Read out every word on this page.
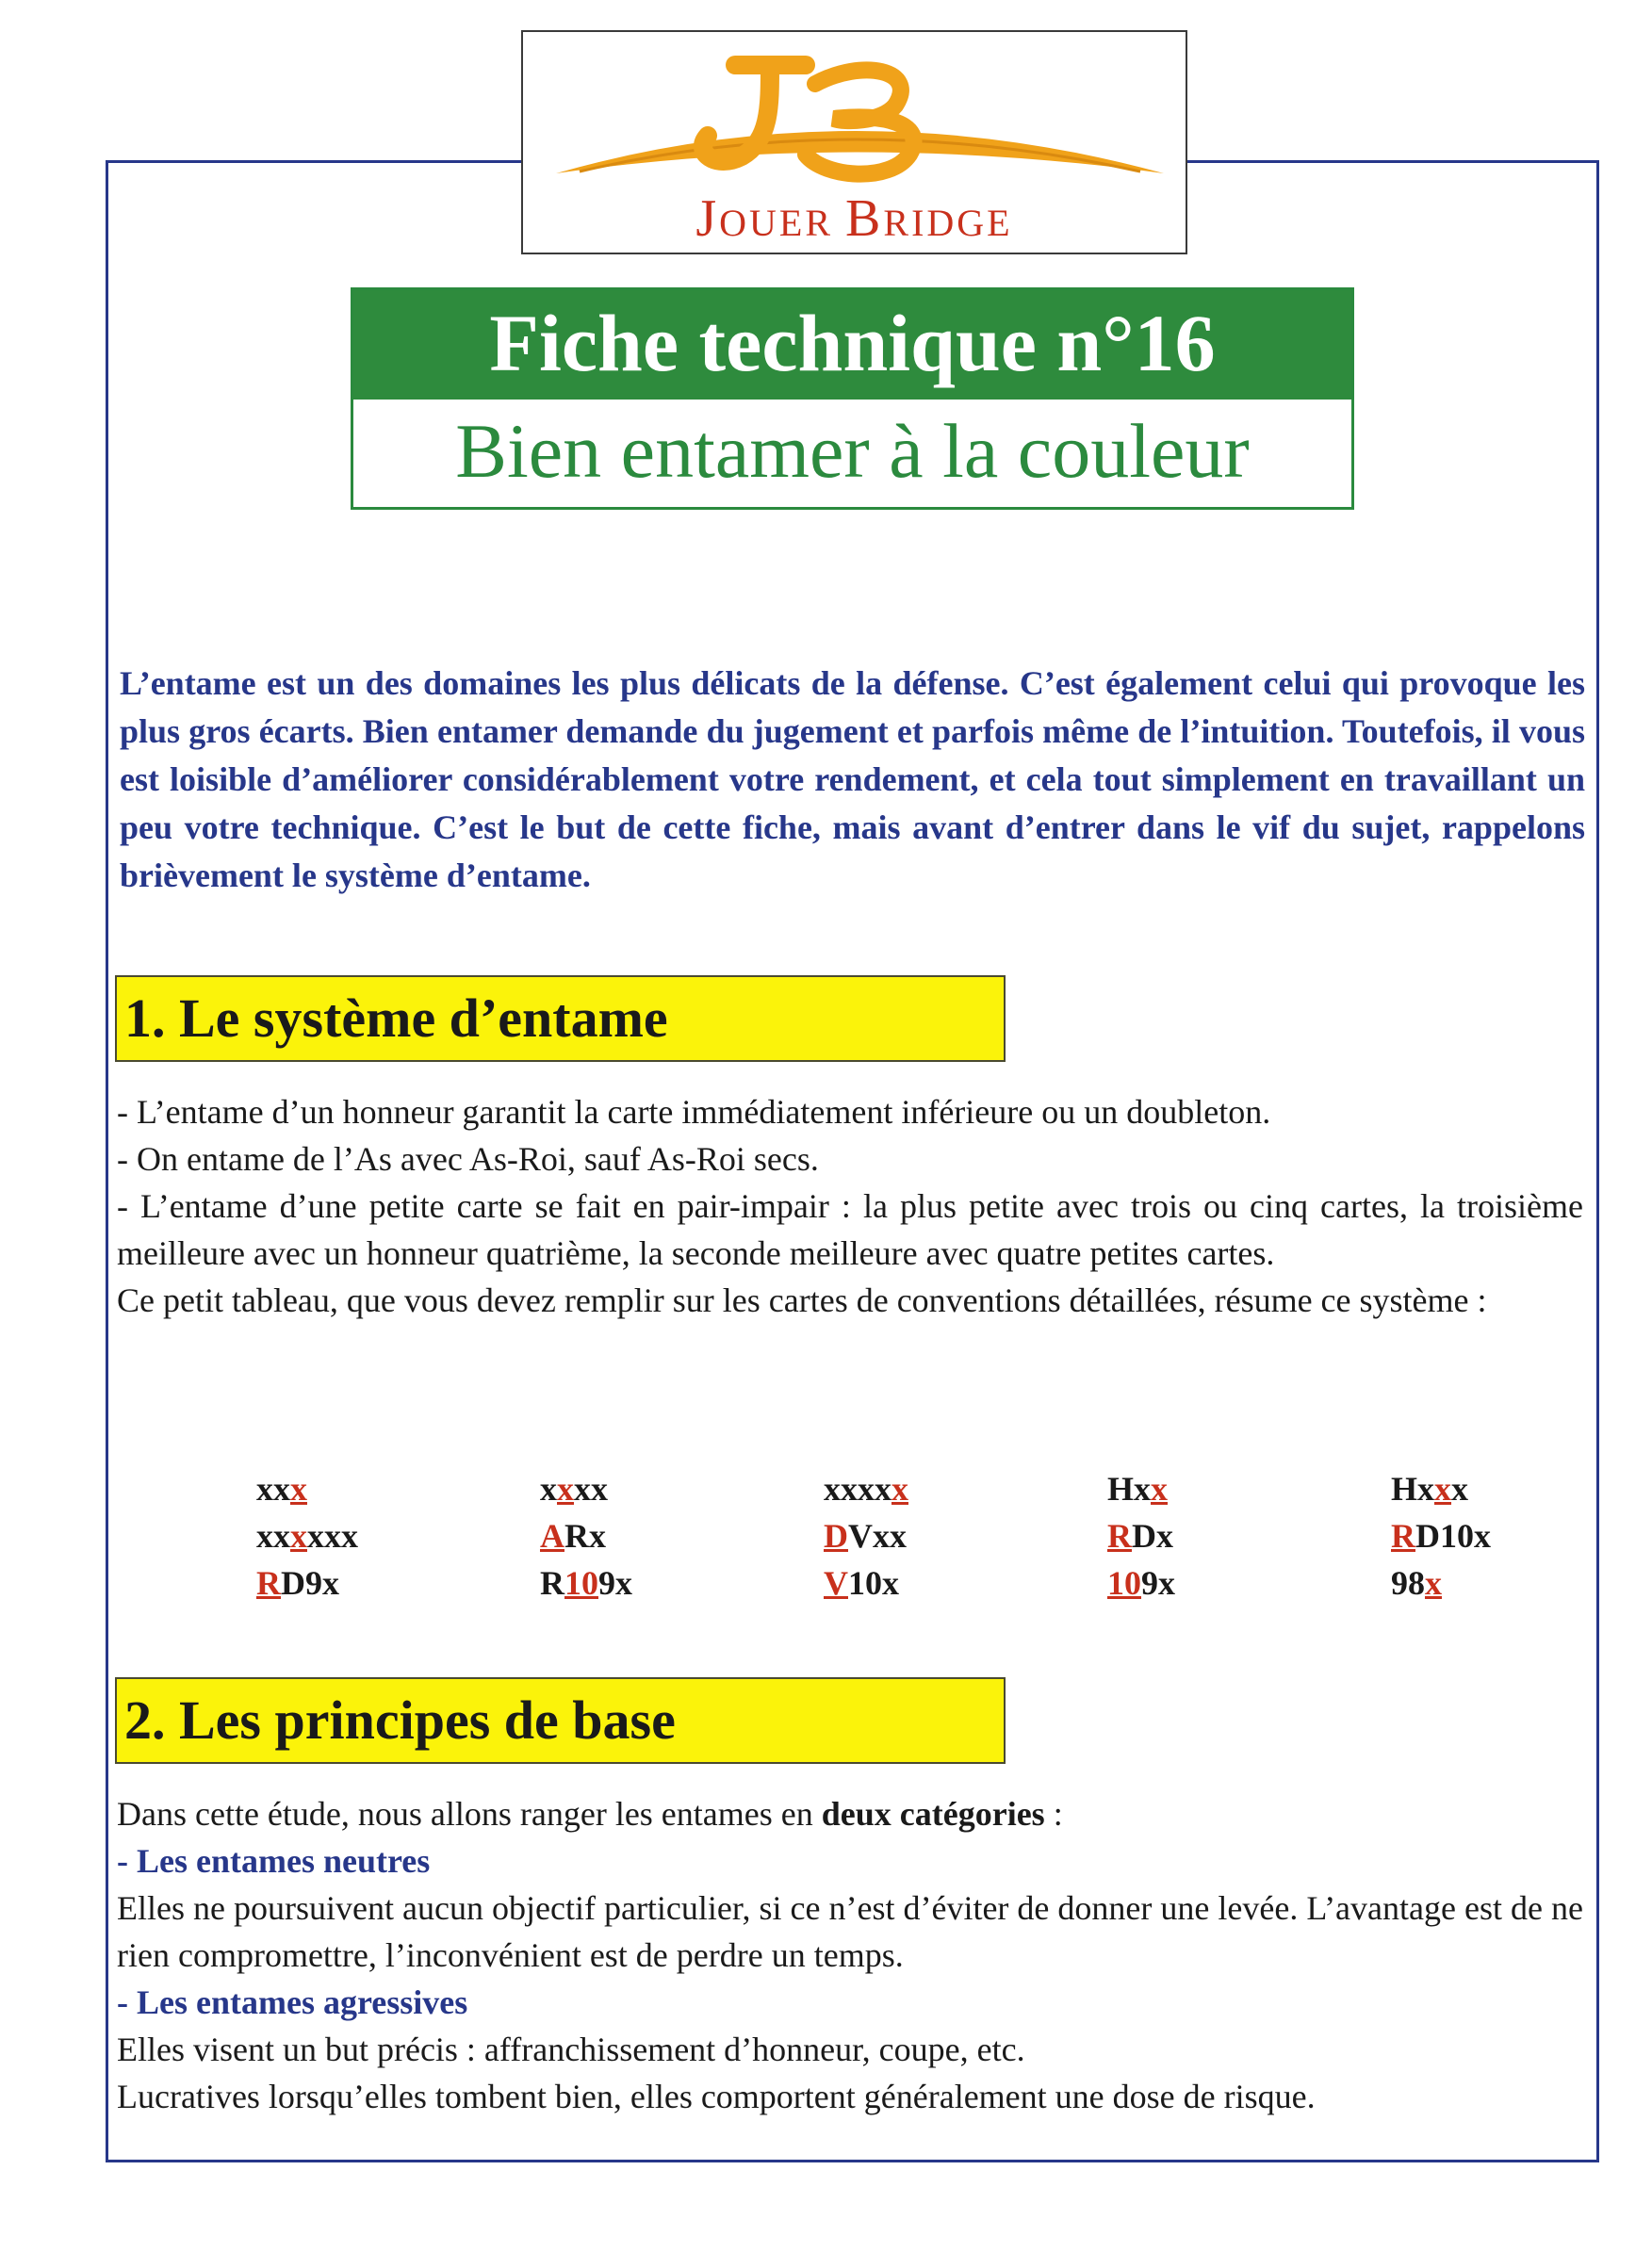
JOUER BRIDGE
Fiche technique n°16
Bien entamer à la couleur
L’entame est un des domaines les plus délicats de la défense. C’est également celui qui provoque les plus gros écarts. Bien entamer demande du jugement et parfois même de l’intuition. Toutefois, il vous est loisible d’améliorer considérablement votre rendement, et cela tout simplement en travaillant un peu votre technique. C’est le but de cette fiche, mais avant d’entrer dans le vif du sujet, rappelons brièvement le système d’entame.
1. Le système d’entame

- L’entame d’un honneur garantit la carte immédiatement inférieure ou un doubleton.

- On entame de l’As avec As-Roi, sauf As-Roi secs.

- L’entame d’une petite carte se fait en pair-impair : la plus petite avec trois ou cinq cartes, la troisième meilleure avec un honneur quatrième, la seconde meilleure avec quatre petites cartes.

Ce petit tableau, que vous devez remplir sur les cartes de conventions détaillées, résume ce système :

xxx	xxxx	xxxxx	Hxx	Hxxx
xxxxxx	ARx	DVxx	RDx	RD10x
RD9x	R109x	V10x	109x	98x
2. Les principes de base

Dans cette étude, nous allons ranger les entames en deux catégories :

- Les entames neutres

Elles ne poursuivent aucun objectif particulier, si ce n’est d’éviter de donner une levée. L’avantage est de ne rien compromettre, l’inconvénient est de perdre un temps.

- Les entames agressives

Elles visent un but précis : affranchissement d’honneur, coupe, etc.

Lucratives lorsqu’elles tombent bien, elles comportent généralement une dose de risque.
